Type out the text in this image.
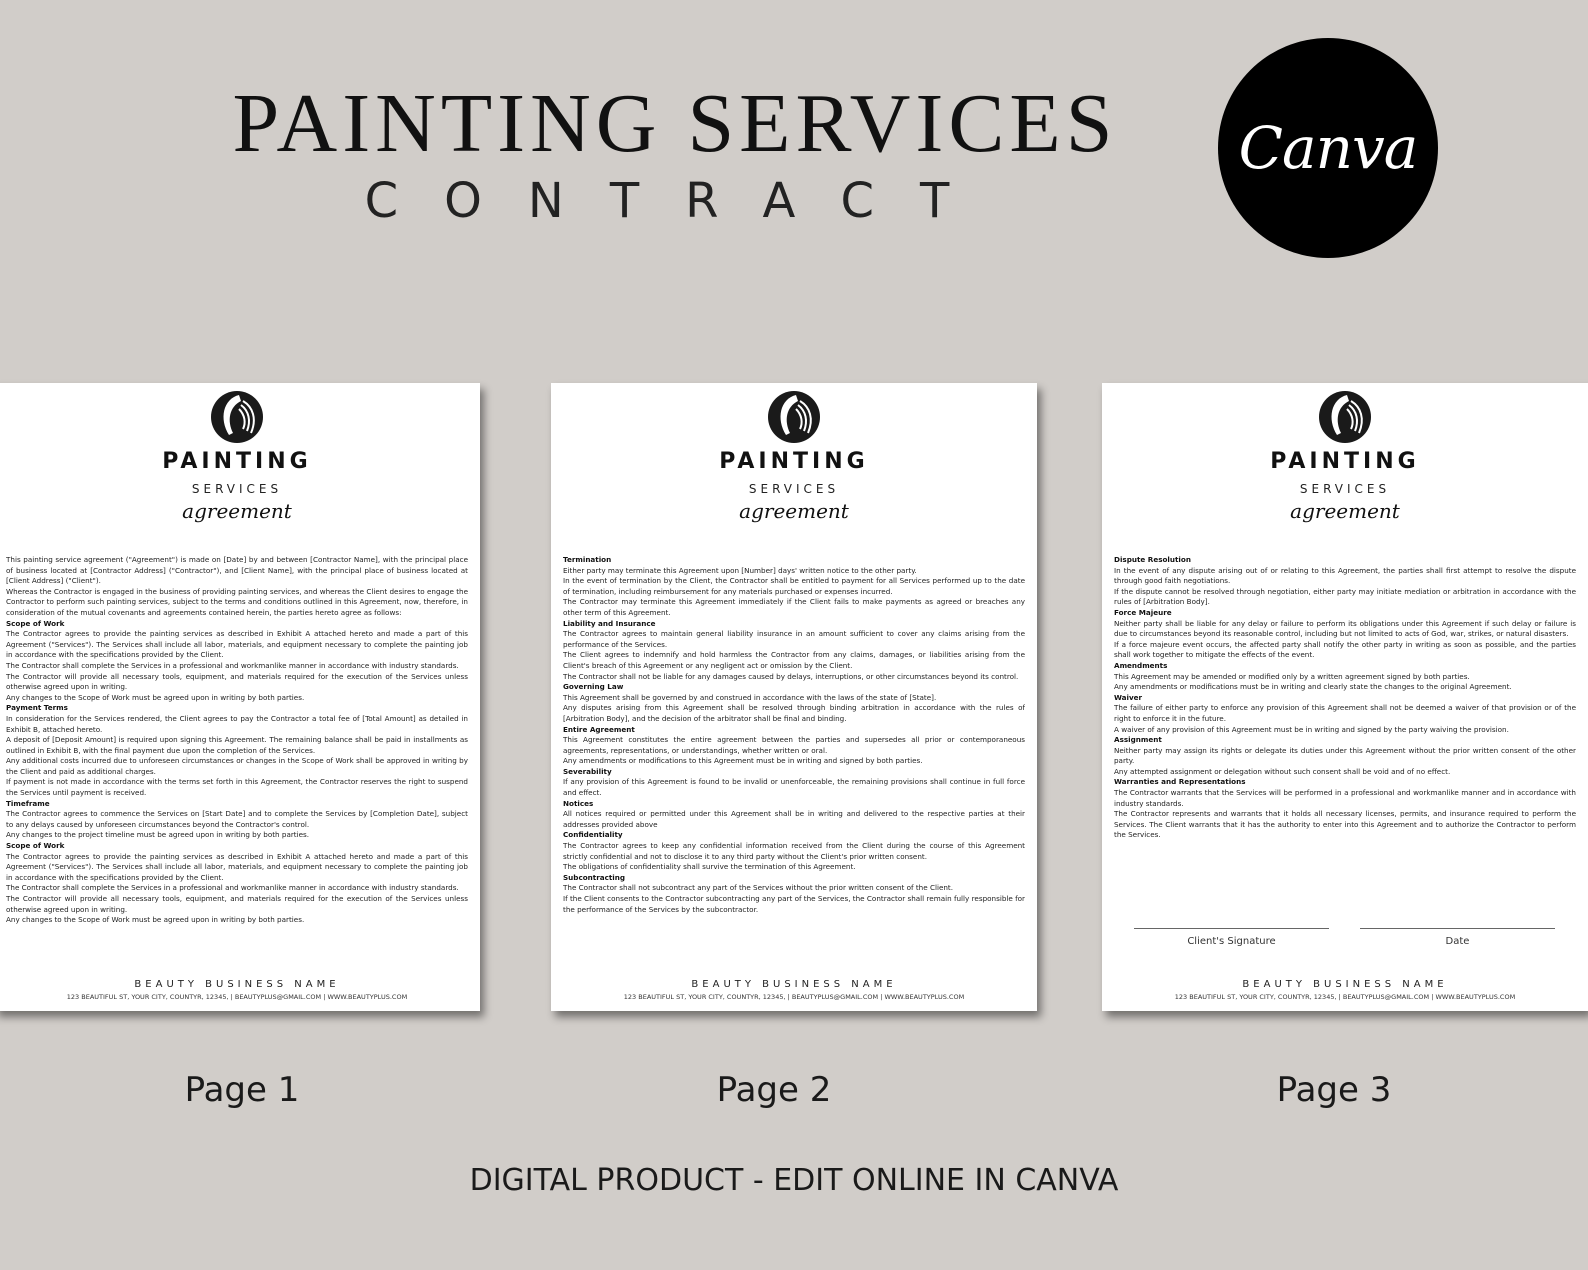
PAINTING SERVICES
CONTRACT
Canva
PAINTING
SERVICES
agreement
This painting service agreement ("Agreement") is made on [Date] by and between [Contractor Name], with the principal place of business located at [Contractor Address] ("Contractor"), and [Client Name], with the principal place of business located at [Client Address] ("Client").
Whereas the Contractor is engaged in the business of providing painting services, and whereas the Client desires to engage the Contractor to perform such painting services, subject to the terms and conditions outlined in this Agreement, now, therefore, in consideration of the mutual covenants and agreements contained herein, the parties hereto agree as follows:
Scope of Work
The Contractor agrees to provide the painting services as described in Exhibit A attached hereto and made a part of this Agreement ("Services"). The Services shall include all labor, materials, and equipment necessary to complete the painting job in accordance with the specifications provided by the Client.
The Contractor shall complete the Services in a professional and workmanlike manner in accordance with industry standards.
The Contractor will provide all necessary tools, equipment, and materials required for the execution of the Services unless otherwise agreed upon in writing.
Any changes to the Scope of Work must be agreed upon in writing by both parties.
Payment Terms
In consideration for the Services rendered, the Client agrees to pay the Contractor a total fee of [Total Amount] as detailed in Exhibit B, attached hereto.
A deposit of [Deposit Amount] is required upon signing this Agreement. The remaining balance shall be paid in installments as outlined in Exhibit B, with the final payment due upon the completion of the Services.
Any additional costs incurred due to unforeseen circumstances or changes in the Scope of Work shall be approved in writing by the Client and paid as additional charges.
If payment is not made in accordance with the terms set forth in this Agreement, the Contractor reserves the right to suspend the Services until payment is received.
Timeframe
The Contractor agrees to commence the Services on [Start Date] and to complete the Services by [Completion Date], subject to any delays caused by unforeseen circumstances beyond the Contractor's control.
Any changes to the project timeline must be agreed upon in writing by both parties.
Scope of Work
The Contractor agrees to provide the painting services as described in Exhibit A attached hereto and made a part of this Agreement ("Services"). The Services shall include all labor, materials, and equipment necessary to complete the painting job in accordance with the specifications provided by the Client.
The Contractor shall complete the Services in a professional and workmanlike manner in accordance with industry standards.
The Contractor will provide all necessary tools, equipment, and materials required for the execution of the Services unless otherwise agreed upon in writing.
Any changes to the Scope of Work must be agreed upon in writing by both parties.
BEAUTY BUSINESS NAME
123 BEAUTIFUL ST, YOUR CITY, COUNTYR, 12345, | BEAUTYPLUS@GMAIL.COM | WWW.BEAUTYPLUS.COM
PAINTING
SERVICES
agreement
Termination
Either party may terminate this Agreement upon [Number] days' written notice to the other party.
In the event of termination by the Client, the Contractor shall be entitled to payment for all Services performed up to the date of termination, including reimbursement for any materials purchased or expenses incurred.
The Contractor may terminate this Agreement immediately if the Client fails to make payments as agreed or breaches any other term of this Agreement.
Liability and Insurance
The Contractor agrees to maintain general liability insurance in an amount sufficient to cover any claims arising from the performance of the Services.
The Client agrees to indemnify and hold harmless the Contractor from any claims, damages, or liabilities arising from the Client's breach of this Agreement or any negligent act or omission by the Client.
The Contractor shall not be liable for any damages caused by delays, interruptions, or other circumstances beyond its control.
Governing Law
This Agreement shall be governed by and construed in accordance with the laws of the state of [State].
Any disputes arising from this Agreement shall be resolved through binding arbitration in accordance with the rules of [Arbitration Body], and the decision of the arbitrator shall be final and binding.
Entire Agreement
This Agreement constitutes the entire agreement between the parties and supersedes all prior or contemporaneous agreements, representations, or understandings, whether written or oral.
Any amendments or modifications to this Agreement must be in writing and signed by both parties.
Severability
If any provision of this Agreement is found to be invalid or unenforceable, the remaining provisions shall continue in full force and effect.
Notices
All notices required or permitted under this Agreement shall be in writing and delivered to the respective parties at their addresses provided above
Confidentiality
The Contractor agrees to keep any confidential information received from the Client during the course of this Agreement strictly confidential and not to disclose it to any third party without the Client's prior written consent.
The obligations of confidentiality shall survive the termination of this Agreement.
Subcontracting
The Contractor shall not subcontract any part of the Services without the prior written consent of the Client.
If the Client consents to the Contractor subcontracting any part of the Services, the Contractor shall remain fully responsible for the performance of the Services by the subcontractor.
BEAUTY BUSINESS NAME
123 BEAUTIFUL ST, YOUR CITY, COUNTYR, 12345, | BEAUTYPLUS@GMAIL.COM | WWW.BEAUTYPLUS.COM
PAINTING
SERVICES
agreement
Dispute Resolution
In the event of any dispute arising out of or relating to this Agreement, the parties shall first attempt to resolve the dispute through good faith negotiations.
If the dispute cannot be resolved through negotiation, either party may initiate mediation or arbitration in accordance with the rules of [Arbitration Body].
Force Majeure
Neither party shall be liable for any delay or failure to perform its obligations under this Agreement if such delay or failure is due to circumstances beyond its reasonable control, including but not limited to acts of God, war, strikes, or natural disasters.
If a force majeure event occurs, the affected party shall notify the other party in writing as soon as possible, and the parties shall work together to mitigate the effects of the event.
Amendments
This Agreement may be amended or modified only by a written agreement signed by both parties.
Any amendments or modifications must be in writing and clearly state the changes to the original Agreement.
Waiver
The failure of either party to enforce any provision of this Agreement shall not be deemed a waiver of that provision or of the right to enforce it in the future.
A waiver of any provision of this Agreement must be in writing and signed by the party waiving the provision.
Assignment
Neither party may assign its rights or delegate its duties under this Agreement without the prior written consent of the other party.
Any attempted assignment or delegation without such consent shall be void and of no effect.
Warranties and Representations
The Contractor warrants that the Services will be performed in a professional and workmanlike manner and in accordance with industry standards.
The Contractor represents and warrants that it holds all necessary licenses, permits, and insurance required to perform the Services. The Client warrants that it has the authority to enter into this Agreement and to authorize the Contractor to perform the Services.
Client's Signature	Date
BEAUTY BUSINESS NAME
123 BEAUTIFUL ST, YOUR CITY, COUNTYR, 12345, | BEAUTYPLUS@GMAIL.COM | WWW.BEAUTYPLUS.COM
Page 1	Page 2	Page 3
DIGITAL PRODUCT - EDIT ONLINE IN CANVA
